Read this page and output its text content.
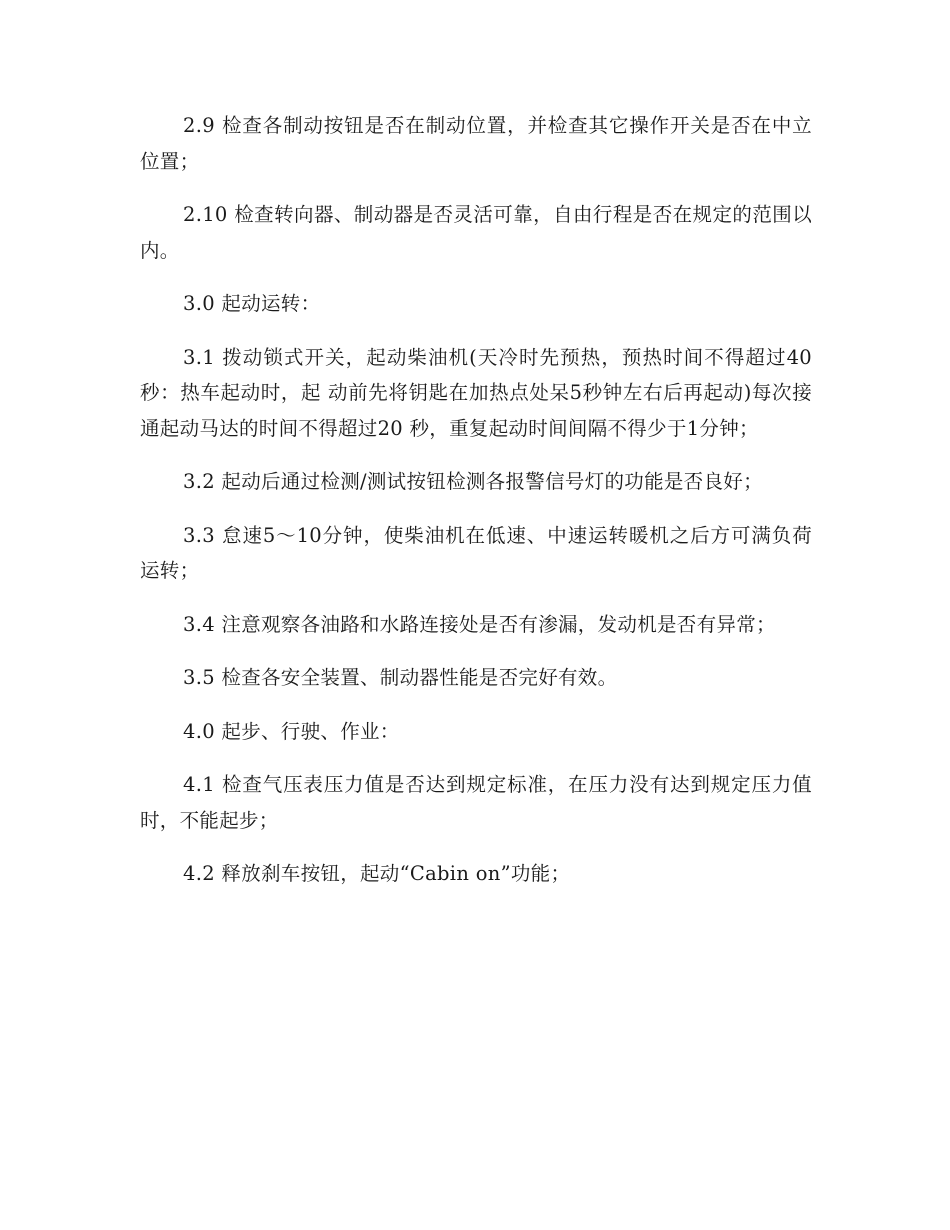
2.9 检查各制动按钮是否在制动位置，并检查其它操作开关是否在中立位置；

2.10 检查转向器、制动器是否灵活可靠，自由行程是否在规定的范围以内。

3.0 起动运转：

3.1 拨动锁式开关，起动柴油机(天冷时先预热，预热时间不得超过40秒：热车起动时，起 动前先将钥匙在加热点处呆5秒钟左右后再起动)每次接通起动马达的时间不得超过20 秒，重复起动时间间隔不得少于1分钟；

3.2 起动后通过检测/测试按钮检测各报警信号灯的功能是否良好；

3.3 怠速5～10分钟，使柴油机在低速、中速运转暖机之后方可满负荷运转；

3.4 注意观察各油路和水路连接处是否有渗漏，发动机是否有异常；

3.5 检查各安全装置、制动器性能是否完好有效。

4.0 起步、行驶、作业：

4.1 检查气压表压力值是否达到规定标准，在压力没有达到规定压力值时，不能起步；

4.2 释放刹车按钮，起动“Cabin on”功能；
